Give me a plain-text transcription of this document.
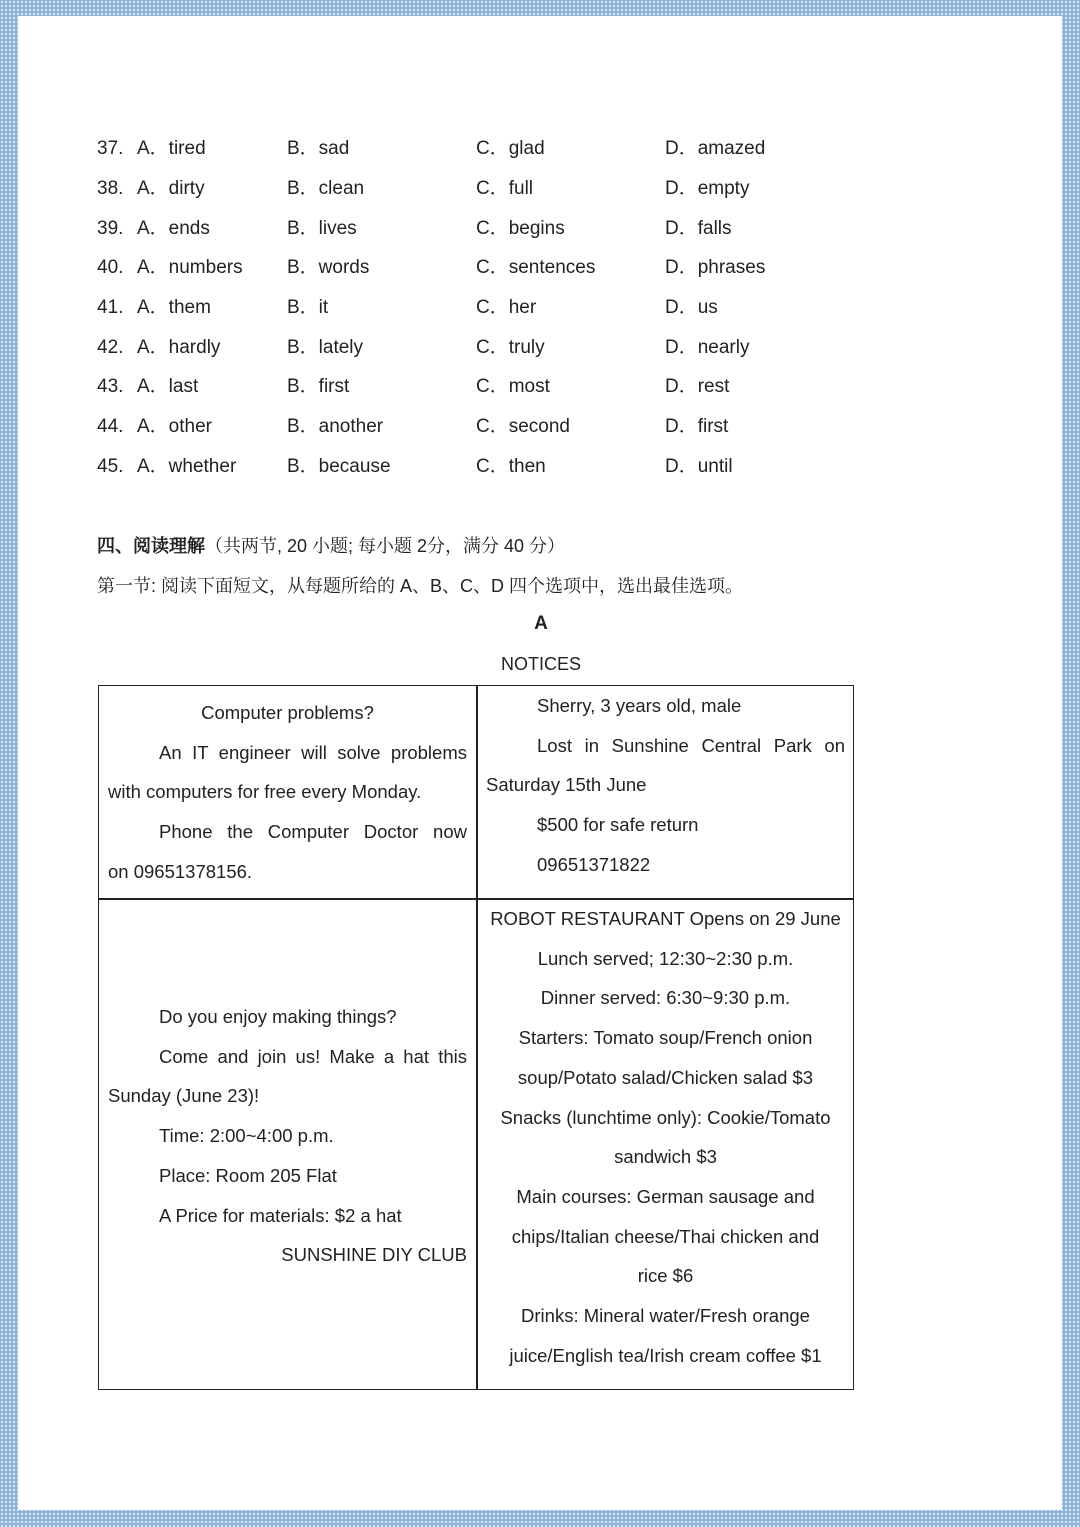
37. A．tired	B．sad	C．glad	D．amazed
38. A．dirty	B．clean	C．full	D．empty
39. A．ends	B．lives	C．begins	D．falls
40. A．numbers B．words	C．sentences	D．phrases
41. A．them	B．it	C．her	D．us
42. A．hardly	B．lately	C．truly	D．nearly
43. A．last	B．first	C．most	D．rest
44. A．other	B．another	C．second	D．first
45. A．whether	B．because	C．then	D．until
四、阅读理解（共两节, 20 小题; 每小题 2分，满分 40 分）
第一节: 阅读下面短文，从每题所给的 A、B、C、D 四个选项中，选出最佳选项。
A
NOTICES
Computer problems?
An IT engineer will solve problems
with computers for free every Monday.
Phone the Computer Doctor now
on 09651378156.
Sherry, 3 years old, male
Lost in Sunshine Central Park on
Saturday 15th June
$500 for safe return
09651371822
Do you enjoy making things?
Come and join us! Make a hat this
Sunday (June 23)!
Time: 2:00~4:00 p.m.
Place: Room 205 Flat
A Price for materials: $2 a hat
SUNSHINE DIY CLUB
ROBOT RESTAURANT Opens on 29 June
Lunch served; 12:30~2:30 p.m.
Dinner served: 6:30~9:30 p.m.
Starters: Tomato soup/French onion
soup/Potato salad/Chicken salad $3
Snacks (lunchtime only): Cookie/Tomato
sandwich $3
Main courses: German sausage and
chips/Italian cheese/Thai chicken and
rice $6
Drinks: Mineral water/Fresh orange
juice/English tea/Irish cream coffee $1
